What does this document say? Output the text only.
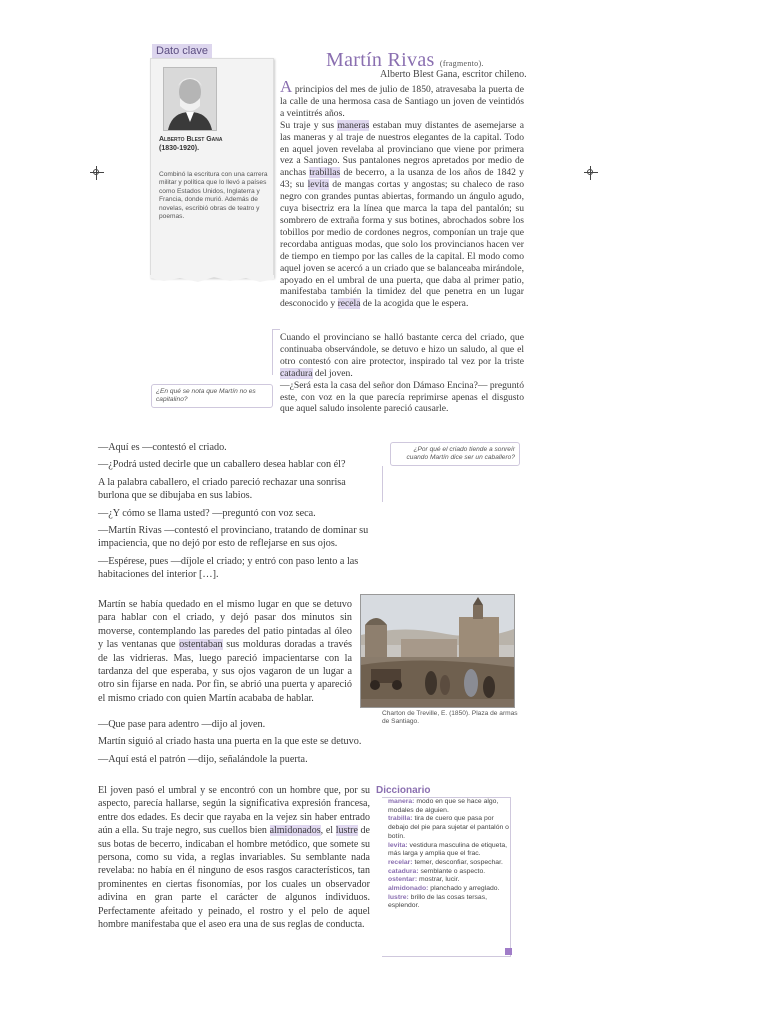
Dato clave
Alberto Blest Gana
(1830-1920).
Combinó la escritura con una carrera militar y política que lo llevó a países como Estados Unidos, Inglaterra y Francia, donde murió. Además de novelas, escribió obras de teatro y poemas.
Martín Rivas (fragmento).
Alberto Blest Gana, escritor chileno.

A principios del mes de julio de 1850, atravesaba la puerta de la calle de una hermosa casa de Santiago un joven de veintidós a veintitrés años.

Su traje y sus maneras estaban muy distantes de asemejarse a las maneras y al traje de nuestros elegantes de la capital. Todo en aquel joven revelaba al provinciano que viene por primera vez a Santiago. Sus pantalones negros apretados por medio de anchas trabillas de becerro, a la usanza de los años de 1842 y 43; su levita de mangas cortas y angostas; su chaleco de raso negro con grandes puntas abiertas, formando un ángulo agudo, cuya bisectriz era la línea que marca la tapa del pantalón; su sombrero de extraña forma y sus botines, abrochados sobre los tobillos por medio de cordones negros, componían un traje que recordaba antiguas modas, que solo los provincianos hacen ver de tiempo en tiempo por las calles de la capital. El modo como aquel joven se acercó a un criado que se balanceaba mirándole, apoyado en el umbral de una puerta, que daba al primer patio, manifestaba también la timidez del que penetra en un lugar desconocido y recela de la acogida que le espera.

Cuando el provinciano se halló bastante cerca del criado, que continuaba observándole, se detuvo e hizo un saludo, al que el otro contestó con aire protector, inspirado tal vez por la triste catadura del joven.

—¿Será esta la casa del señor don Dámaso Encina?— preguntó este, con voz en la que parecía reprimirse apenas el disgusto que aquel saludo insolente pareció causarle.

¿En qué se nota que Martín no es capitalino?

—Aquí es —contestó el criado.

—¿Podrá usted decirle que un caballero desea hablar con él?

A la palabra caballero, el criado pareció rechazar una sonrisa burlona que se dibujaba en sus labios.

—¿Y cómo se llama usted? —preguntó con voz seca.

—Martín Rivas —contestó el provinciano, tratando de dominar su impaciencia, que no dejó por esto de reflejarse en sus ojos.

—Espérese, pues —díjole el criado; y entró con paso lento a las habitaciones del interior […].

¿Por qué el criado tiende a sonreír cuando Martín dice ser un caballero?

Martín se había quedado en el mismo lugar en que se detuvo para hablar con el criado, y dejó pasar dos minutos sin moverse, contemplando las paredes del patio pintadas al óleo y las ventanas que ostentaban sus molduras doradas a través de las vidrieras. Mas, luego pareció impacientarse con la tardanza del que esperaba, y sus ojos vagaron de un lugar a otro sin fijarse en nada. Por fin, se abrió una puerta y apareció el mismo criado con quien Martín acababa de hablar.

—Que pase para adentro —dijo al joven.

Martín siguió al criado hasta una puerta en la que este se detuvo.

—Aquí está el patrón —dijo, señalándole la puerta.

El joven pasó el umbral y se encontró con un hombre que, por su aspecto, parecía hallarse, según la significativa expresión francesa, entre dos edades. Es decir que rayaba en la vejez sin haber entrado aún a ella. Su traje negro, sus cuellos bien almidonados, el lustre de sus botas de becerro, indicaban el hombre metódico, que somete su persona, como su vida, a reglas invariables. Su semblante nada revelaba: no había en él ninguno de esos rasgos característicos, tan prominentes en ciertas fisonomías, por los cuales un observador adivina en gran parte el carácter de algunos individuos. Perfectamente afeitado y peinado, el rostro y el pelo de aquel hombre manifestaba que el aseo era una de sus reglas de conducta.

Charton de Treville, E. (1850). Plaza de armas de Santiago.
Diccionario

manera: modo en que se hace algo, modales de alguien.

trabilla: tira de cuero que pasa por debajo del pie para sujetar el pantalón o botín.

levita: vestidura masculina de etiqueta, más larga y amplia que el frac.

recelar: temer, desconfiar, sospechar.

catadura: semblante o aspecto.

ostentar: mostrar, lucir.

almidonado: planchado y arreglado.

lustre: brillo de las cosas tersas, esplendor.
